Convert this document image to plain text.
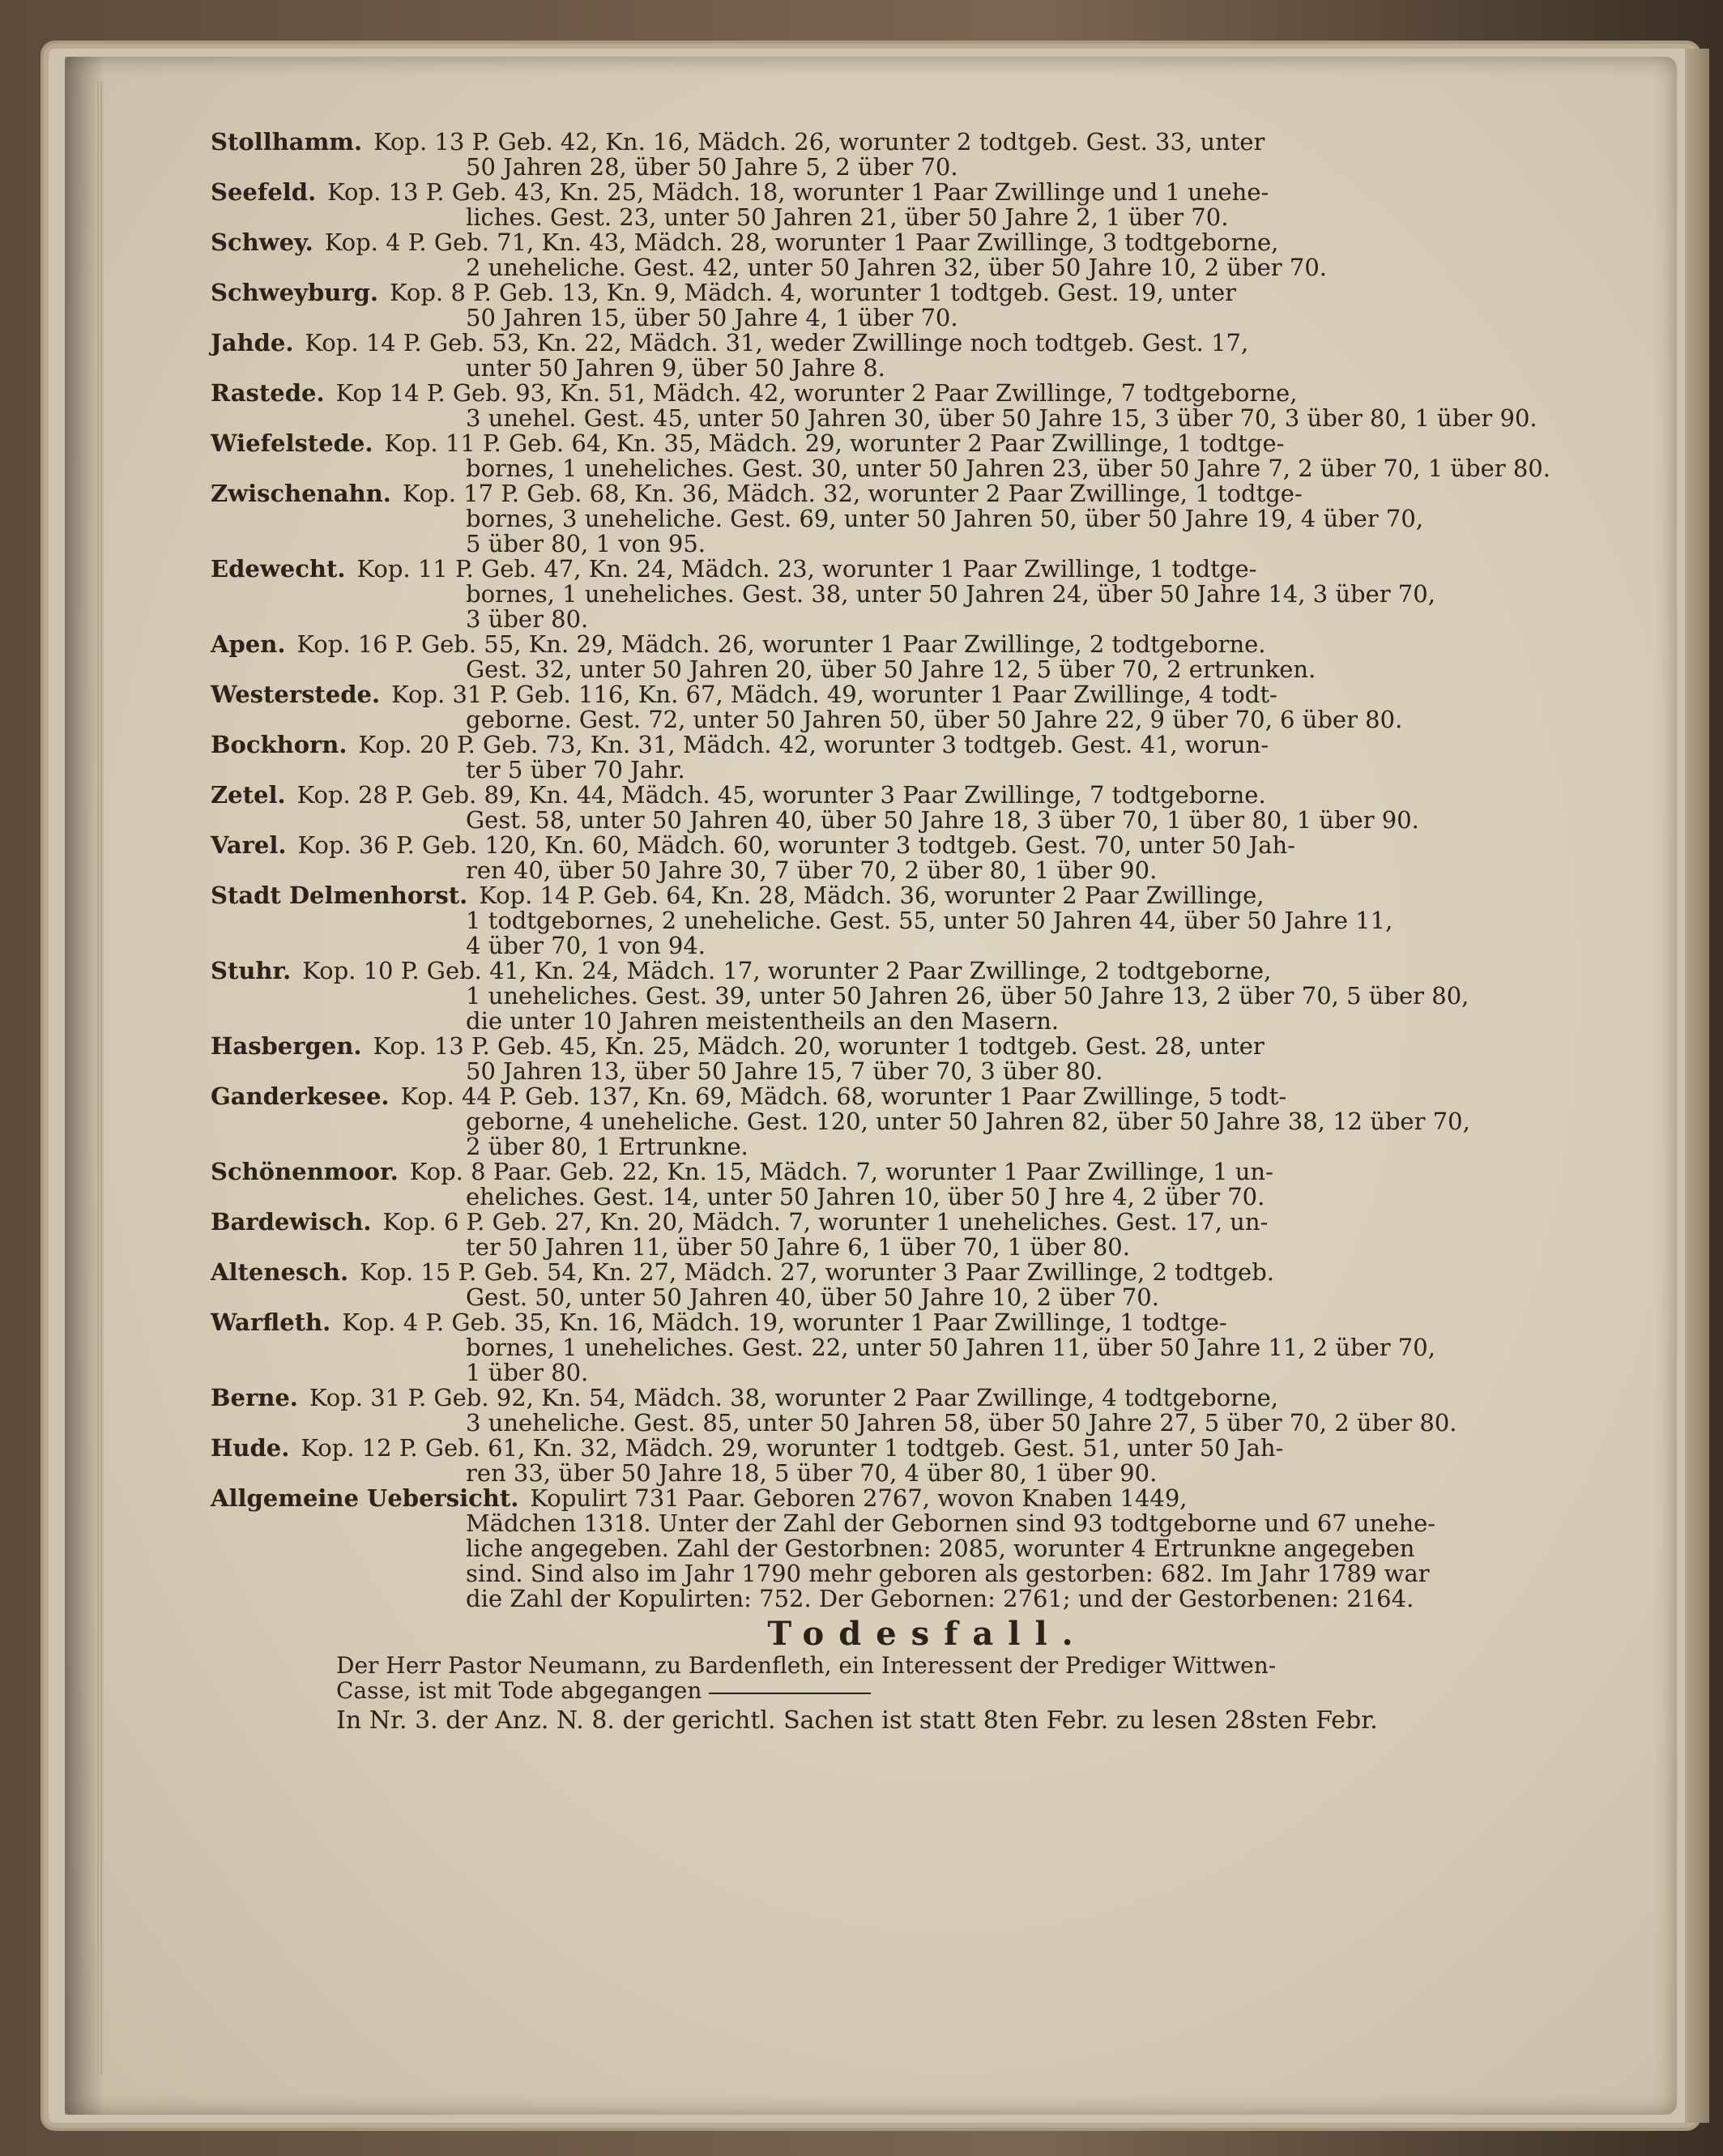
Stollhamm. Kop. 13 P. Geb. 42, Kn. 16, Mädch. 26, worunter 2 todtgeb. Gest. 33, unter
50 Jahren 28, über 50 Jahre 5, 2 über 70.
Seefeld. Kop. 13 P. Geb. 43, Kn. 25, Mädch. 18, worunter 1 Paar Zwillinge und 1 unehe-
liches. Gest. 23, unter 50 Jahren 21, über 50 Jahre 2, 1 über 70.
Schwey. Kop. 4 P. Geb. 71, Kn. 43, Mädch. 28, worunter 1 Paar Zwillinge, 3 todtgeborne,
2 uneheliche. Gest. 42, unter 50 Jahren 32, über 50 Jahre 10, 2 über 70.
Schweyburg. Kop. 8 P. Geb. 13, Kn. 9, Mädch. 4, worunter 1 todtgeb. Gest. 19, unter
50 Jahren 15, über 50 Jahre 4, 1 über 70.
Jahde. Kop. 14 P. Geb. 53, Kn. 22, Mädch. 31, weder Zwillinge noch todtgeb. Gest. 17,
unter 50 Jahren 9, über 50 Jahre 8.
Rastede. Kop 14 P. Geb. 93, Kn. 51, Mädch. 42, worunter 2 Paar Zwillinge, 7 todtgeborne,
3 unehel. Gest. 45, unter 50 Jahren 30, über 50 Jahre 15, 3 über 70, 3 über 80, 1 über 90.
Wiefelstede. Kop. 11 P. Geb. 64, Kn. 35, Mädch. 29, worunter 2 Paar Zwillinge, 1 todtge-
bornes, 1 uneheliches. Gest. 30, unter 50 Jahren 23, über 50 Jahre 7, 2 über 70, 1 über 80.
Zwischenahn. Kop. 17 P. Geb. 68, Kn. 36, Mädch. 32, worunter 2 Paar Zwillinge, 1 todtge-
bornes, 3 uneheliche. Gest. 69, unter 50 Jahren 50, über 50 Jahre 19, 4 über 70,
5 über 80, 1 von 95.
Edewecht. Kop. 11 P. Geb. 47, Kn. 24, Mädch. 23, worunter 1 Paar Zwillinge, 1 todtge-
bornes, 1 uneheliches. Gest. 38, unter 50 Jahren 24, über 50 Jahre 14, 3 über 70,
3 über 80.
Apen. Kop. 16 P. Geb. 55, Kn. 29, Mädch. 26, worunter 1 Paar Zwillinge, 2 todtgeborne.
Gest. 32, unter 50 Jahren 20, über 50 Jahre 12, 5 über 70, 2 ertrunken.
Westerstede. Kop. 31 P. Geb. 116, Kn. 67, Mädch. 49, worunter 1 Paar Zwillinge, 4 todt-
geborne. Gest. 72, unter 50 Jahren 50, über 50 Jahre 22, 9 über 70, 6 über 80.
Bockhorn. Kop. 20 P. Geb. 73, Kn. 31, Mädch. 42, worunter 3 todtgeb. Gest. 41, worun-
ter 5 über 70 Jahr.
Zetel. Kop. 28 P. Geb. 89, Kn. 44, Mädch. 45, worunter 3 Paar Zwillinge, 7 todtgeborne.
Gest. 58, unter 50 Jahren 40, über 50 Jahre 18, 3 über 70, 1 über 80, 1 über 90.
Varel. Kop. 36 P. Geb. 120, Kn. 60, Mädch. 60, worunter 3 todtgeb. Gest. 70, unter 50 Jah-
ren 40, über 50 Jahre 30, 7 über 70, 2 über 80, 1 über 90.
Stadt Delmenhorst. Kop. 14 P. Geb. 64, Kn. 28, Mädch. 36, worunter 2 Paar Zwillinge,
1 todtgebornes, 2 uneheliche. Gest. 55, unter 50 Jahren 44, über 50 Jahre 11,
4 über 70, 1 von 94.
Stuhr. Kop. 10 P. Geb. 41, Kn. 24, Mädch. 17, worunter 2 Paar Zwillinge, 2 todtgeborne,
1 uneheliches. Gest. 39, unter 50 Jahren 26, über 50 Jahre 13, 2 über 70, 5 über 80,
die unter 10 Jahren meistentheils an den Masern.
Hasbergen. Kop. 13 P. Geb. 45, Kn. 25, Mädch. 20, worunter 1 todtgeb. Gest. 28, unter
50 Jahren 13, über 50 Jahre 15, 7 über 70, 3 über 80.
Ganderkesee. Kop. 44 P. Geb. 137, Kn. 69, Mädch. 68, worunter 1 Paar Zwillinge, 5 todt-
geborne, 4 uneheliche. Gest. 120, unter 50 Jahren 82, über 50 Jahre 38, 12 über 70,
2 über 80, 1 Ertrunkne.
Schönenmoor. Kop. 8 Paar. Geb. 22, Kn. 15, Mädch. 7, worunter 1 Paar Zwillinge, 1 un-
eheliches. Gest. 14, unter 50 Jahren 10, über 50 J hre 4, 2 über 70.
Bardewisch. Kop. 6 P. Geb. 27, Kn. 20, Mädch. 7, worunter 1 uneheliches. Gest. 17, un-
ter 50 Jahren 11, über 50 Jahre 6, 1 über 70, 1 über 80.
Altenesch. Kop. 15 P. Geb. 54, Kn. 27, Mädch. 27, worunter 3 Paar Zwillinge, 2 todtgeb.
Gest. 50, unter 50 Jahren 40, über 50 Jahre 10, 2 über 70.
Warfleth. Kop. 4 P. Geb. 35, Kn. 16, Mädch. 19, worunter 1 Paar Zwillinge, 1 todtge-
bornes, 1 uneheliches. Gest. 22, unter 50 Jahren 11, über 50 Jahre 11, 2 über 70,
1 über 80.
Berne. Kop. 31 P. Geb. 92, Kn. 54, Mädch. 38, worunter 2 Paar Zwillinge, 4 todtgeborne,
3 uneheliche. Gest. 85, unter 50 Jahren 58, über 50 Jahre 27, 5 über 70, 2 über 80.
Hude. Kop. 12 P. Geb. 61, Kn. 32, Mädch. 29, worunter 1 todtgeb. Gest. 51, unter 50 Jah-
ren 33, über 50 Jahre 18, 5 über 70, 4 über 80, 1 über 90.
Allgemeine Uebersicht. Kopulirt 731 Paar. Geboren 2767, wovon Knaben 1449,
Mädchen 1318. Unter der Zahl der Gebornen sind 93 todtgeborne und 67 unehe-
liche angegeben. Zahl der Gestorbnen: 2085, worunter 4 Ertrunkne angegeben
sind. Sind also im Jahr 1790 mehr geboren als gestorben: 682. Im Jahr 1789 war
die Zahl der Kopulirten: 752. Der Gebornen: 2761; und der Gestorbenen: 2164.
Todesfall.
Der Herr Pastor Neumann, zu Bardenfleth, ein Interessent der Prediger Wittwen-
Casse, ist mit Tode abgegangen
In Nr. 3. der Anz. N. 8. der gerichtl. Sachen ist statt 8ten Febr. zu lesen 28sten Febr.
